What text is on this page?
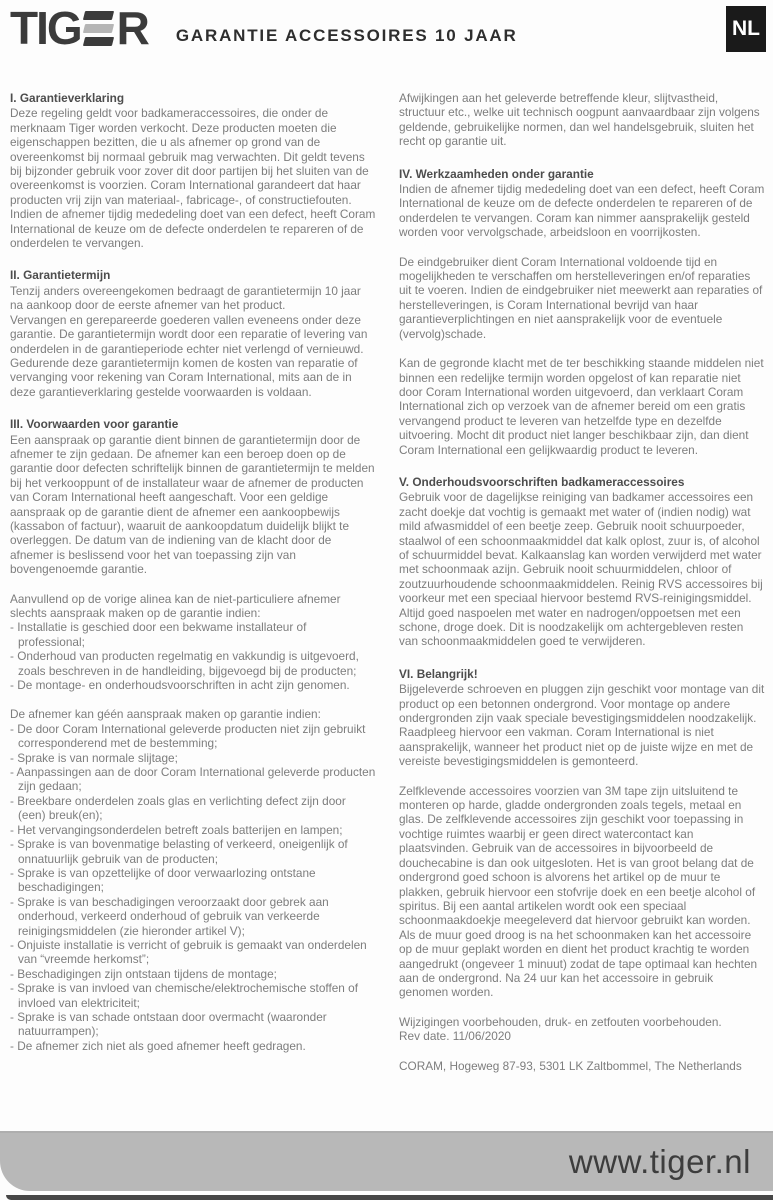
TIG R GARANTIE ACCESSOIRES 10 JAAR	NL
I. Garantieverklaring
Deze regeling geldt voor badkameraccessoires, die onder de merknaam Tiger worden verkocht. Deze producten moeten die eigenschappen bezitten, die u als afnemer op grond van de overeenkomst bij normaal gebruik mag verwachten. Dit geldt tevens bij bijzonder gebruik voor zover dit door partijen bij het sluiten van de overeenkomst is voorzien. Coram International garandeert dat haar producten vrij zijn van materiaal-, fabricage-, of constructiefouten. Indien de afnemer tijdig mededeling doet van een defect, heeft Coram International de keuze om de defecte onderdelen te repareren of de onderdelen te vervangen.
II. Garantietermijn
Tenzij anders overeengekomen bedraagt de garantietermijn 10 jaar na aankoop door de eerste afnemer van het product.
Vervangen en gerepareerde goederen vallen eveneens onder deze garantie. De garantietermijn wordt door een reparatie of levering van onderdelen in de garantieperiode echter niet verlengd of vernieuwd.
Gedurende deze garantietermijn komen de kosten van reparatie of vervanging voor rekening van Coram International, mits aan de in deze garantieverklaring gestelde voorwaarden is voldaan.
III. Voorwaarden voor garantie
Een aanspraak op garantie dient binnen de garantietermijn door de afnemer te zijn gedaan. De afnemer kan een beroep doen op de garantie door defecten schriftelijk binnen de garantietermijn te melden bij het verkooppunt of de installateur waar de afnemer de producten van Coram International heeft aangeschaft. Voor een geldige aanspraak op de garantie dient de afnemer een aankoopbewijs (kassabon of factuur), waaruit de aankoopdatum duidelijk blijkt te overleggen. De datum van de indiening van de klacht door de afnemer is beslissend voor het van toepassing zijn van bovengenoemde garantie.
Aanvullend op de vorige alinea kan de niet-particuliere afnemer slechts aanspraak maken op de garantie indien:
- Installatie is geschied door een bekwame installateur of professional;
- Onderhoud van producten regelmatig en vakkundig is uitgevoerd, zoals beschreven in de handleiding, bijgevoegd bij de producten;
- De montage- en onderhoudsvoorschriften in acht zijn genomen.
De afnemer kan géén aanspraak maken op garantie indien:
- De door Coram International geleverde producten niet zijn gebruikt corresponderend met de bestemming;
- Sprake is van normale slijtage;
- Aanpassingen aan de door Coram International geleverde producten zijn gedaan;
- Breekbare onderdelen zoals glas en verlichting defect zijn door (een) breuk(en);
- Het vervangingsonderdelen betreft zoals batterijen en lampen;
- Sprake is van bovenmatige belasting of verkeerd, oneigenlijk of onnatuurlijk gebruik van de producten;
- Sprake is van opzettelijke of door verwaarlozing ontstane beschadigingen;
- Sprake is van beschadigingen veroorzaakt door gebrek aan onderhoud, verkeerd onderhoud of gebruik van verkeerde reinigingsmiddelen (zie hieronder artikel V);
- Onjuiste installatie is verricht of gebruik is gemaakt van onderdelen van “vreemde herkomst”;
- Beschadigingen zijn ontstaan tijdens de montage;
- Sprake is van invloed van chemische/elektrochemische stoffen of invloed van elektriciteit;
- Sprake is van schade ontstaan door overmacht (waaronder natuurrampen);
- De afnemer zich niet als goed afnemer heeft gedragen.
Afwijkingen aan het geleverde betreffende kleur, slijtvastheid, structuur etc., welke uit technisch oogpunt aanvaardbaar zijn volgens geldende, gebruikelijke normen, dan wel handelsgebruik, sluiten het recht op garantie uit.
IV. Werkzaamheden onder garantie
Indien de afnemer tijdig mededeling doet van een defect, heeft Coram International de keuze om de defecte onderdelen te repareren of de onderdelen te vervangen. Coram kan nimmer aansprakelijk gesteld worden voor vervolgschade, arbeidsloon en voorrijkosten.
De eindgebruiker dient Coram International voldoende tijd en mogelijkheden te verschaffen om herstelleveringen en/of reparaties uit te voeren. Indien de eindgebruiker niet meewerkt aan reparaties of herstelleveringen, is Coram International bevrijd van haar garantieverplichtingen en niet aansprakelijk voor de eventuele (vervolg)schade.
Kan de gegronde klacht met de ter beschikking staande middelen niet binnen een redelijke termijn worden opgelost of kan reparatie niet door Coram International worden uitgevoerd, dan verklaart Coram International zich op verzoek van de afnemer bereid om een gratis vervangend product te leveren van hetzelfde type en dezelfde uitvoering. Mocht dit product niet langer beschikbaar zijn, dan dient Coram International een gelijkwaardig product te leveren.
V. Onderhoudsvoorschriften badkameraccessoires
Gebruik voor de dagelijkse reiniging van badkamer accessoires een zacht doekje dat vochtig is gemaakt met water of (indien nodig) wat mild afwasmiddel of een beetje zeep. Gebruik nooit schuurpoeder, staalwol of een schoonmaakmiddel dat kalk oplost, zuur is, of alcohol of schuurmiddel bevat. Kalkaanslag kan worden verwijderd met water met schoonmaak azijn. Gebruik nooit schuurmiddelen, chloor of zoutzuurhoudende schoonmaakmiddelen. Reinig RVS accessoires bij voorkeur met een speciaal hiervoor bestemd RVS-reinigingsmiddel. Altijd goed naspoelen met water en nadrogen/oppoetsen met een schone, droge doek. Dit is noodzakelijk om achtergebleven resten van schoonmaakmiddelen goed te verwijderen.
VI. Belangrijk!
Bijgeleverde schroeven en pluggen zijn geschikt voor montage van dit product op een betonnen ondergrond. Voor montage op andere ondergronden zijn vaak speciale bevestigingsmiddelen noodzakelijk. Raadpleeg hiervoor een vakman. Coram International is niet aansprakelijk, wanneer het product niet op de juiste wijze en met de vereiste bevestigingsmiddelen is gemonteerd.
Zelfklevende accessoires voorzien van 3M tape zijn uitsluitend te monteren op harde, gladde ondergronden zoals tegels, metaal en glas. De zelfklevende accessoires zijn geschikt voor toepassing in vochtige ruimtes waarbij er geen direct watercontact kan plaatsvinden. Gebruik van de accessoires in bijvoorbeeld de douchecabine is dan ook uitgesloten. Het is van groot belang dat de ondergrond goed schoon is alvorens het artikel op de muur te plakken, gebruik hiervoor een stofvrije doek en een beetje alcohol of spiritus. Bij een aantal artikelen wordt ook een speciaal schoonmaakdoekje meegeleverd dat hiervoor gebruikt kan worden. Als de muur goed droog is na het schoonmaken kan het accessoire op de muur geplakt worden en dient het product krachtig te worden aangedrukt (ongeveer 1 minuut) zodat de tape optimaal kan hechten aan de ondergrond. Na 24 uur kan het accessoire in gebruik genomen worden.
Wijzigingen voorbehouden, druk- en zetfouten voorbehouden.
Rev date. 11/06/2020
CORAM, Hogeweg 87-93, 5301 LK Zaltbommel, The Netherlands
www.tiger.nl
